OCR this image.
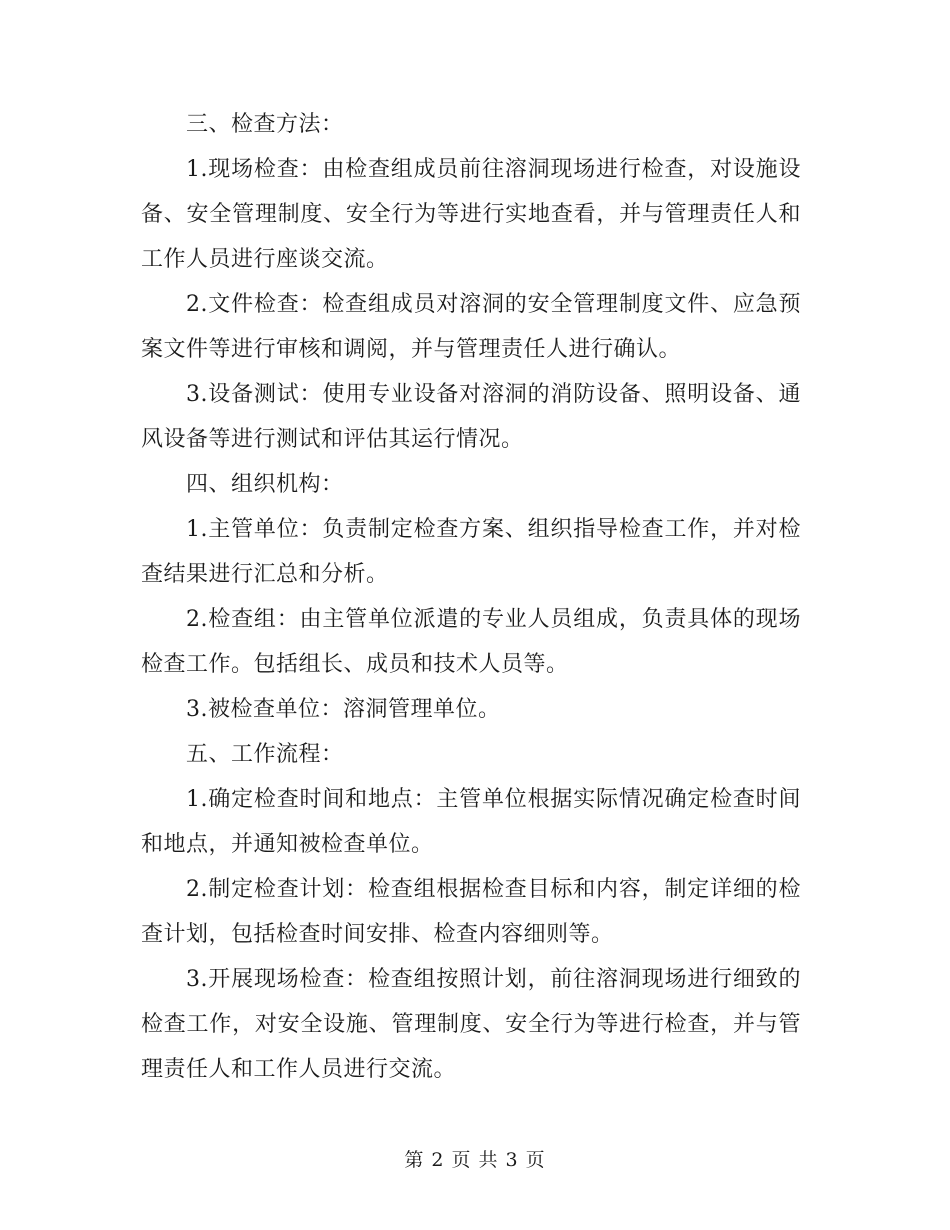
三、检查方法：

1.现场检查：由检查组成员前往溶洞现场进行检查，对设施设备、安全管理制度、安全行为等进行实地查看，并与管理责任人和工作人员进行座谈交流。

2.文件检查：检查组成员对溶洞的安全管理制度文件、应急预案文件等进行审核和调阅，并与管理责任人进行确认。

3.设备测试：使用专业设备对溶洞的消防设备、照明设备、通风设备等进行测试和评估其运行情况。

四、组织机构：

1.主管单位：负责制定检查方案、组织指导检查工作，并对检查结果进行汇总和分析。

2.检查组：由主管单位派遣的专业人员组成，负责具体的现场检查工作。包括组长、成员和技术人员等。

3.被检查单位：溶洞管理单位。

五、工作流程：

1.确定检查时间和地点：主管单位根据实际情况确定检查时间和地点，并通知被检查单位。

2.制定检查计划：检查组根据检查目标和内容，制定详细的检查计划，包括检查时间安排、检查内容细则等。

3.开展现场检查：检查组按照计划，前往溶洞现场进行细致的检查工作，对安全设施、管理制度、安全行为等进行检查，并与管理责任人和工作人员进行交流。

第 2 页 共 3 页
